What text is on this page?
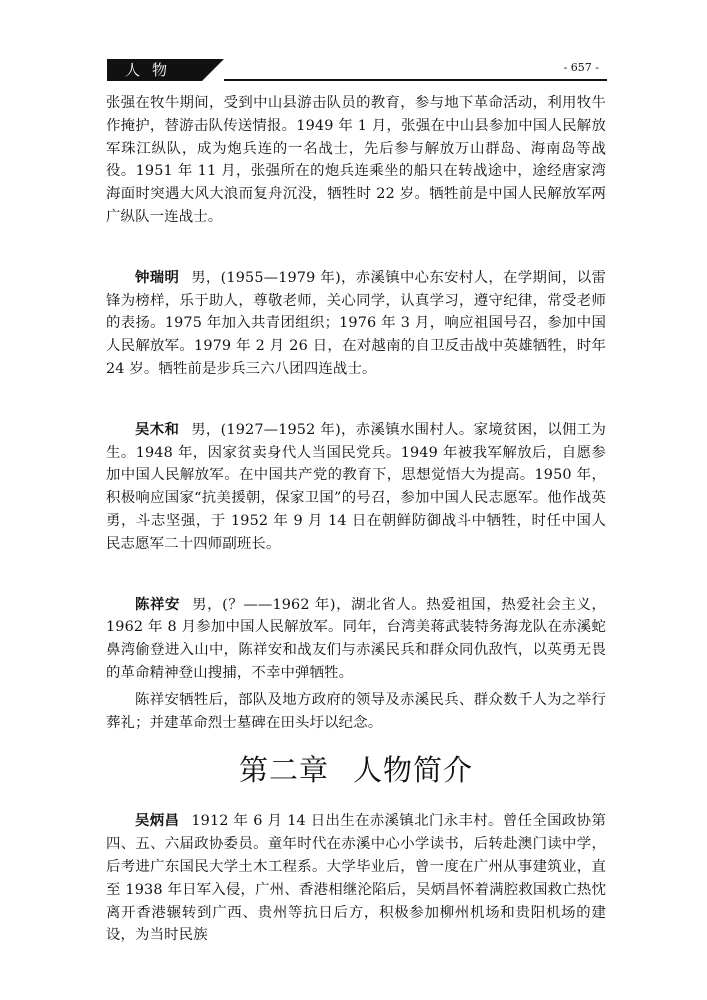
人物	- 657 -

张强在牧牛期间，受到中山县游击队员的教育，参与地下革命活动，利用牧牛作掩护，替游击队传送情报。1949 年 1 月，张强在中山县参加中国人民解放军珠江纵队，成为炮兵连的一名战士，先后参与解放万山群岛、海南岛等战役。1951 年 11 月，张强所在的炮兵连乘坐的船只在转战途中，途经唐家湾海面时突遇大风大浪而复舟沉没，牺牲时 22 岁。牺牲前是中国人民解放军两广纵队一连战士。

钟瑞明 男，(1955—1979 年)，赤溪镇中心东安村人，在学期间，以雷锋为榜样，乐于助人，尊敬老师，关心同学，认真学习，遵守纪律，常受老师的表扬。1975 年加入共青团组织；1976 年 3 月，响应祖国号召，参加中国人民解放军。1979 年 2 月 26 日，在对越南的自卫反击战中英雄牺牲，时年 24 岁。牺牲前是步兵三六八团四连战士。

吴木和 男，(1927—1952 年)，赤溪镇水围村人。家境贫困，以佣工为生。1948 年，因家贫卖身代人当国民党兵。1949 年被我军解放后，自愿参加中国人民解放军。在中国共产党的教育下，思想觉悟大为提高。1950 年，积极响应国家“抗美援朝，保家卫国”的号召，参加中国人民志愿军。他作战英勇，斗志坚强，于 1952 年 9 月 14 日在朝鲜防御战斗中牺牲，时任中国人民志愿军二十四师副班长。

陈祥安 男，(？——1962 年)，湖北省人。热爱祖国，热爱社会主义，1962 年 8 月参加中国人民解放军。同年，台湾美蒋武装特务海龙队在赤溪蛇鼻湾偷登进入山中，陈祥安和战友们与赤溪民兵和群众同仇敌忾，以英勇无畏的革命精神登山搜捕，不幸中弹牺牲。

陈祥安牺牲后，部队及地方政府的领导及赤溪民兵、群众数千人为之举行葬礼；并建革命烈士墓碑在田头圩以纪念。

第二章 人物简介

吴炳昌 1912 年 6 月 14 日出生在赤溪镇北门永丰村。曾任全国政协第四、五、六届政协委员。童年时代在赤溪中心小学读书，后转赴澳门读中学，后考进广东国民大学土木工程系。大学毕业后，曾一度在广州从事建筑业，直至 1938 年日军入侵，广州、香港相继沦陷后，吴炳昌怀着满腔救国救亡热忱离开香港辗转到广西、贵州等抗日后方，积极参加柳州机场和贵阳机场的建设，为当时民族
